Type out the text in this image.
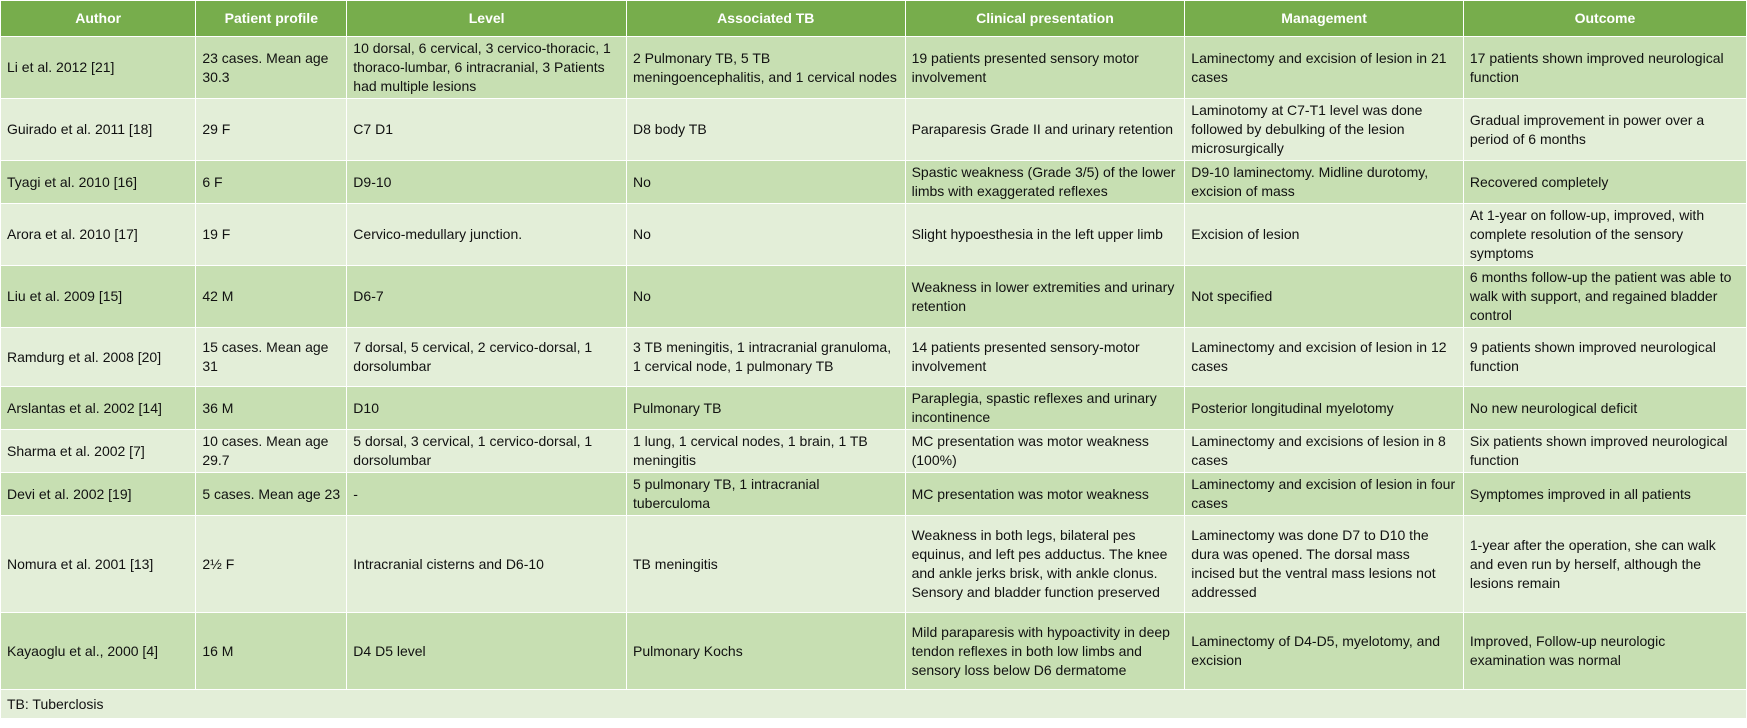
Author	Patient profile	Level	Associated TB	Clinical presentation	Management	Outcome
Li et al. 2012 [21]	23 cases. Mean age 30.3	10 dorsal, 6 cervical, 3 cervico-thoracic, 1 thoraco-lumbar, 6 intracranial, 3 Patients had multiple lesions	2 Pulmonary TB, 5 TB meningoencephalitis, and 1 cervical nodes	19 patients presented sensory motor involvement	Laminectomy and excision of lesion in 21 cases	17 patients shown improved neurological function
Guirado et al. 2011 [18]	29 F	C7 D1	D8 body TB	Paraparesis Grade II and urinary retention	Laminotomy at C7-T1 level was done followed by debulking of the lesion microsurgically	Gradual improvement in power over a period of 6 months
Tyagi et al. 2010 [16]	6 F	D9-10	No	Spastic weakness (Grade 3/5) of the lower limbs with exaggerated reflexes	D9-10 laminectomy. Midline durotomy, excision of mass	Recovered completely
Arora et al. 2010 [17]	19 F	Cervico-medullary junction.	No	Slight hypoesthesia in the left upper limb	Excision of lesion	At 1-year on follow-up, improved, with complete resolution of the sensory symptoms
Liu et al. 2009 [15]	42 M	D6-7	No	Weakness in lower extremities and urinary retention	Not specified	6 months follow-up the patient was able to walk with support, and regained bladder control
Ramdurg et al. 2008 [20]	15 cases. Mean age 31	7 dorsal, 5 cervical, 2 cervico-dorsal, 1 dorsolumbar	3 TB meningitis, 1 intracranial granuloma, 1 cervical node, 1 pulmonary TB	14 patients presented sensory-motor involvement	Laminectomy and excision of lesion in 12 cases	9 patients shown improved neurological function
Arslantas et al. 2002 [14]	36 M	D10	Pulmonary TB	Paraplegia, spastic reflexes and urinary incontinence	Posterior longitudinal myelotomy	No new neurological deficit
Sharma et al. 2002 [7]	10 cases. Mean age 29.7	5 dorsal, 3 cervical, 1 cervico-dorsal, 1 dorsolumbar	1 lung, 1 cervical nodes, 1 brain, 1 TB meningitis	MC presentation was motor weakness (100%)	Laminectomy and excisions of lesion in 8 cases	Six patients shown improved neurological function
Devi et al. 2002 [19]	5 cases. Mean age 23	-	5 pulmonary TB, 1 intracranial tuberculoma	MC presentation was motor weakness	Laminectomy and excision of lesion in four cases	Symptomes improved in all patients
Nomura et al. 2001 [13]	2½ F	Intracranial cisterns and D6-10	TB meningitis	Weakness in both legs, bilateral pes equinus, and left pes adductus. The knee and ankle jerks brisk, with ankle clonus. Sensory and bladder function preserved	Laminectomy was done D7 to D10 the dura was opened. The dorsal mass incised but the ventral mass lesions not addressed	1-year after the operation, she can walk and even run by herself, although the lesions remain
Kayaoglu et al., 2000 [4]	16 M	D4 D5 level	Pulmonary Kochs	Mild paraparesis with hypoactivity in deep tendon reflexes in both low limbs and sensory loss below D6 dermatome	Laminectomy of D4-D5, myelotomy, and excision	Improved, Follow-up neurologic examination was normal
TB: Tuberclosis						
